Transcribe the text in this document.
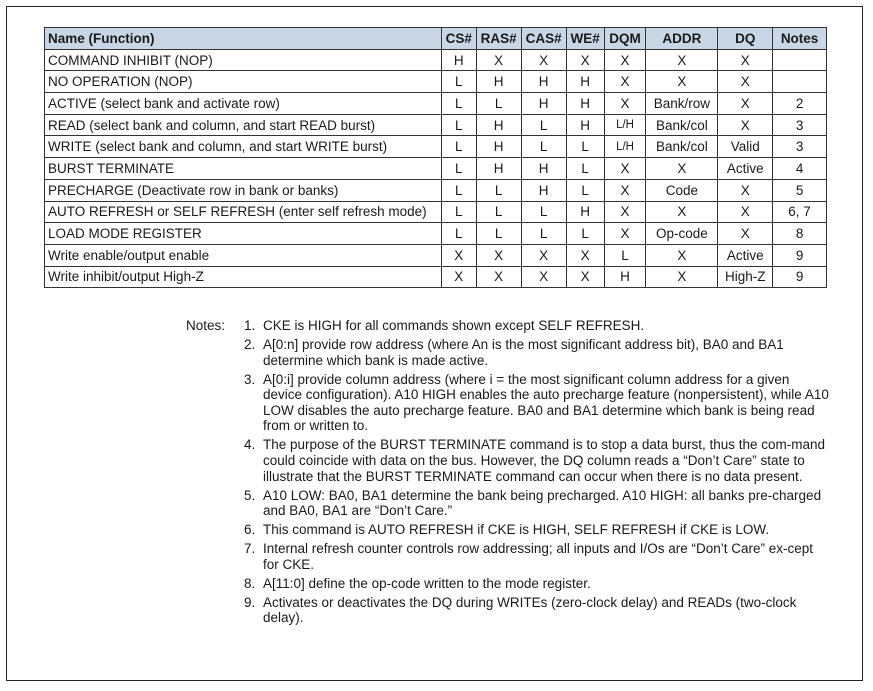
Name (Function)	CS#	RAS#	CAS#	WE#	DQM	ADDR	DQ	Notes
COMMAND INHIBIT (NOP)	H	X	X	X	X	X	X	
NO OPERATION (NOP)	L	H	H	H	X	X	X	
ACTIVE (select bank and activate row)	L	L	H	H	X	Bank/row	X	2
READ (select bank and column, and start READ burst)	L	H	L	H	L/H	Bank/col	X	3
WRITE (select bank and column, and start WRITE burst)	L	H	L	L	L/H	Bank/col	Valid	3
BURST TERMINATE	L	H	H	L	X	X	Active	4
PRECHARGE (Deactivate row in bank or banks)	L	L	H	L	X	Code	X	5
AUTO REFRESH or SELF REFRESH (enter self refresh mode)	L	L	L	H	X	X	X	6, 7
LOAD MODE REGISTER	L	L	L	L	X	Op-code	X	8
Write enable/output enable	X	X	X	X	L	X	Active	9
Write inhibit/output High-Z	X	X	X	X	H	X	High-Z	9
Notes: 1. CKE is HIGH for all commands shown except SELF REFRESH.
2. A[0:n] provide row address (where An is the most significant address bit), BA0 and BA1 determine which bank is made active.
3. A[0:i] provide column address (where i = the most significant column address for a given device configuration). A10 HIGH enables the auto precharge feature (nonpersistent), while A10 LOW disables the auto precharge feature. BA0 and BA1 determine which bank is being read from or written to.
4. The purpose of the BURST TERMINATE command is to stop a data burst, thus the com-mand could coincide with data on the bus. However, the DQ column reads a “Don’t Care” state to illustrate that the BURST TERMINATE command can occur when there is no data present.
5. A10 LOW: BA0, BA1 determine the bank being precharged. A10 HIGH: all banks pre-charged and BA0, BA1 are “Don’t Care.”
6. This command is AUTO REFRESH if CKE is HIGH, SELF REFRESH if CKE is LOW.
7. Internal refresh counter controls row addressing; all inputs and I/Os are “Don’t Care” ex-cept for CKE.
8. A[11:0] define the op-code written to the mode register.
9. Activates or deactivates the DQ during WRITEs (zero-clock delay) and READs (two-clock delay).
